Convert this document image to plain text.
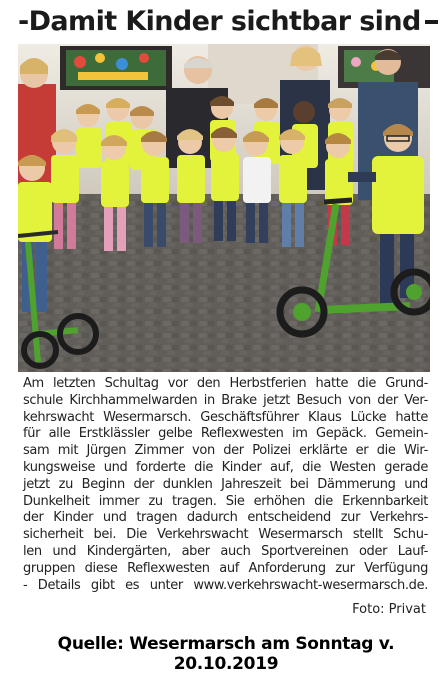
-Damit Kinder sichtbar sind
Am letzten Schultag vor den Herbstferien hatte die Grund-
schule Kirchhammelwarden in Brake jetzt Besuch von der Ver-
kehrswacht Wesermarsch. Geschäftsführer Klaus Lücke hatte
für alle Erstklässler gelbe Reflexwesten im Gepäck. Gemein-
sam mit Jürgen Zimmer von der Polizei erklärte er die Wir-
kungsweise und forderte die Kinder auf, die Westen gerade
jetzt zu Beginn der dunklen Jahreszeit bei Dämmerung und
Dunkelheit immer zu tragen. Sie erhöhen die Erkennbarkeit
der Kinder und tragen dadurch entscheidend zur Verkehrs-
sicherheit bei. Die Verkehrswacht Wesermarsch stellt Schu-
len und Kindergärten, aber auch Sportvereinen oder Lauf-
gruppen diese Reflexwesten auf Anforderung zur Verfügung
- Details gibt es unter www.verkehrswacht-wesermarsch.de.
Foto: Privat
Quelle: Wesermarsch am Sonntag v. 20.10.2019
